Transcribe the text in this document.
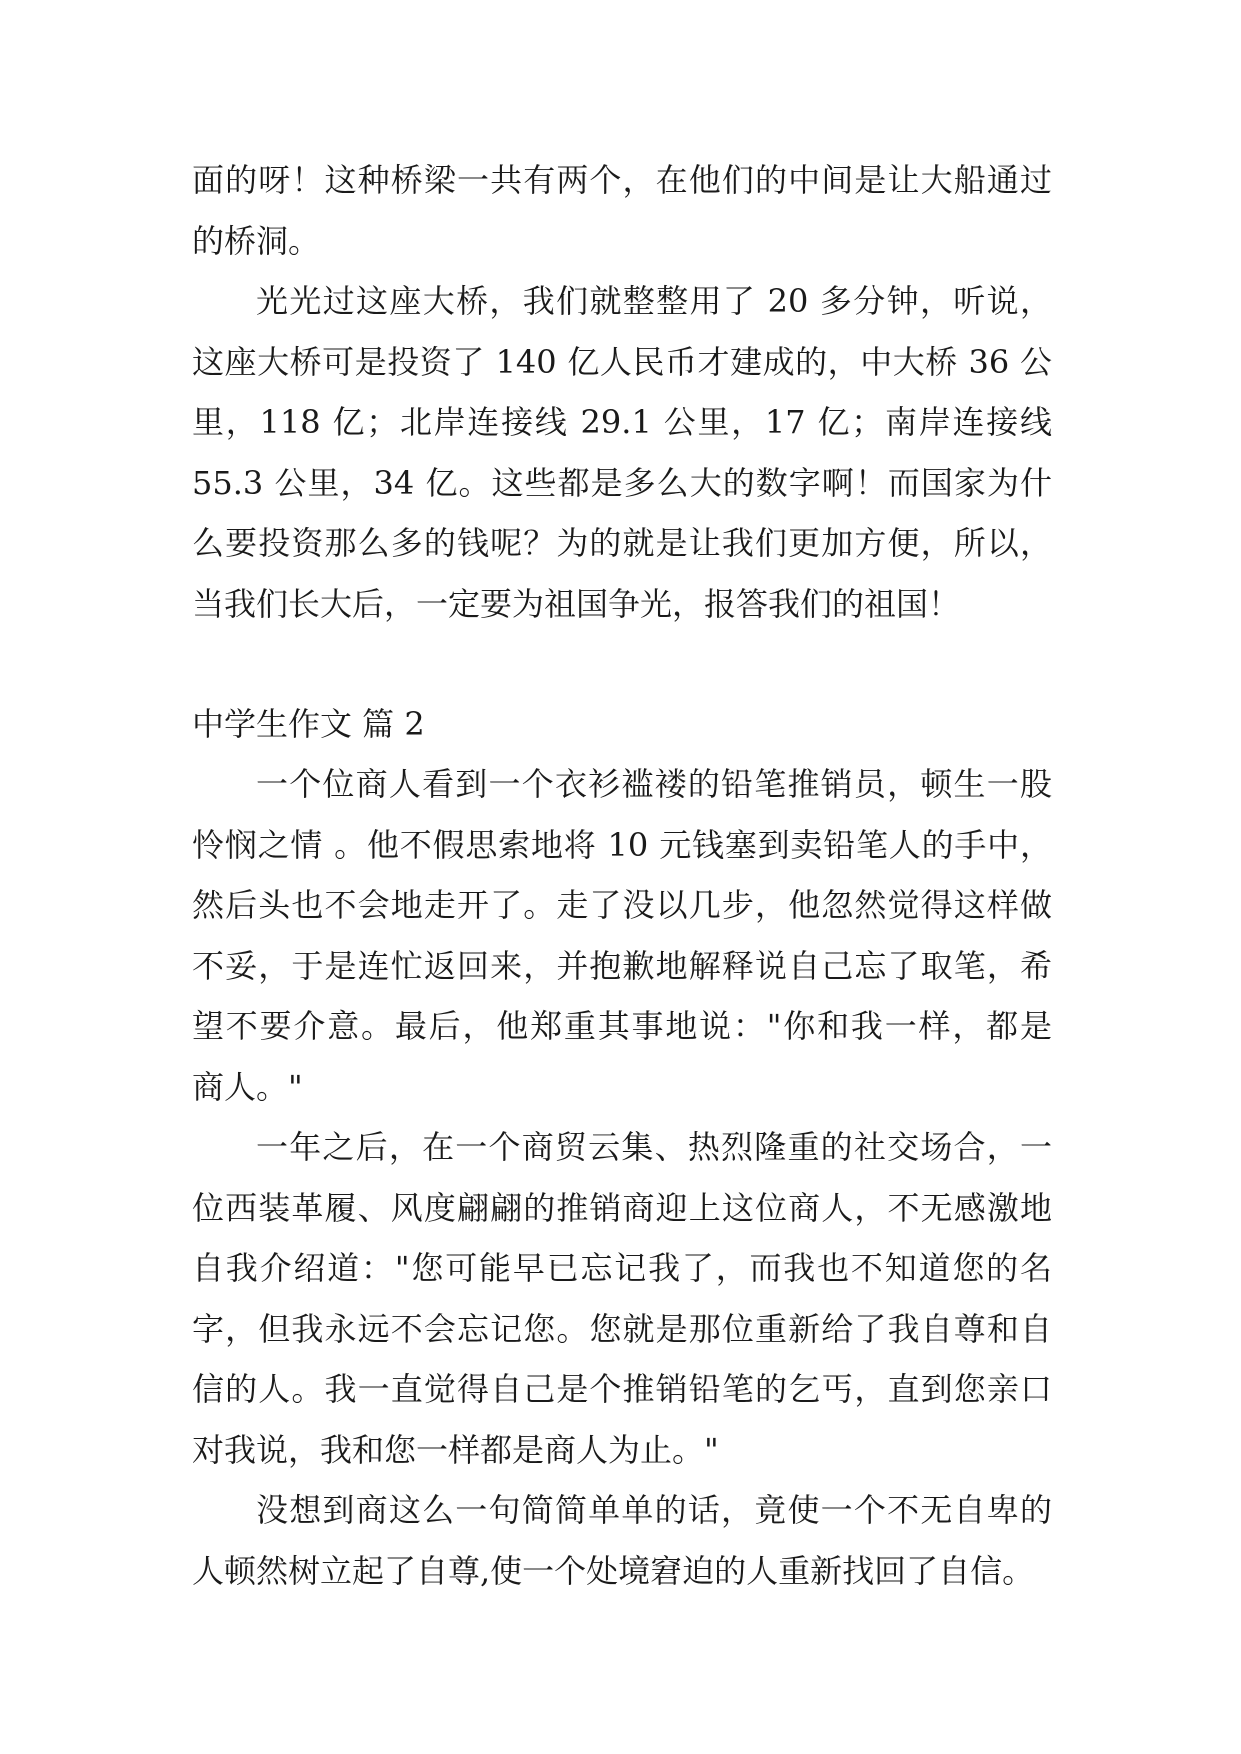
面的呀！这种桥梁一共有两个，在他们的中间是让大船通过
的桥洞。
光光过这座大桥，我们就整整用了 20 多分钟，听说，
这座大桥可是投资了 140 亿人民币才建成的，中大桥 36 公
里，118 亿；北岸连接线 29.1 公里，17 亿；南岸连接线
55.3 公里，34 亿。这些都是多么大的数字啊！而国家为什
么要投资那么多的钱呢？为的就是让我们更加方便，所以，
当我们长大后，一定要为祖国争光，报答我们的祖国！
中学生作文 篇 2
一个位商人看到一个衣衫褴褛的铅笔推销员，顿生一股
怜悯之情 。他不假思索地将 10 元钱塞到卖铅笔人的手中，
然后头也不会地走开了。走了没以几步，他忽然觉得这样做
不妥，于是连忙返回来，并抱歉地解释说自己忘了取笔，希
望不要介意。最后，他郑重其事地说："你和我一样，都是
商人。"
一年之后，在一个商贸云集、热烈隆重的社交场合，一
位西装革履、风度翩翩的推销商迎上这位商人，不无感激地
自我介绍道："您可能早已忘记我了，而我也不知道您的名
字，但我永远不会忘记您。您就是那位重新给了我自尊和自
信的人。我一直觉得自己是个推销铅笔的乞丐，直到您亲口
对我说，我和您一样都是商人为止。"
没想到商这么一句简简单单的话，竟使一个不无自卑的
人顿然树立起了自尊,使一个处境窘迫的人重新找回了自信。
